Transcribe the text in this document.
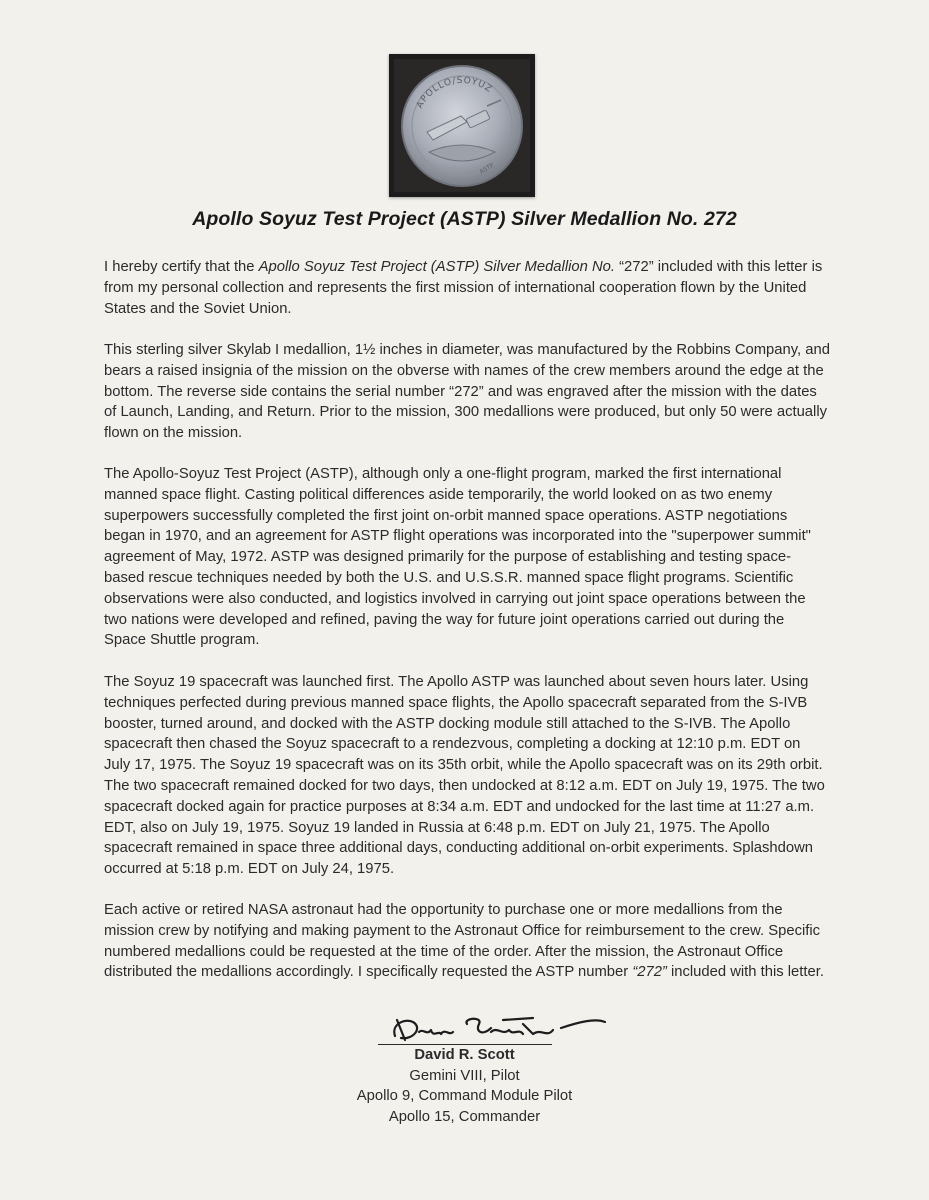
APOLLO/SOYUZ
ASTP
Apollo Soyuz Test Project (ASTP) Silver Medallion No. 272

I hereby certify that the Apollo Soyuz Test Project (ASTP) Silver Medallion No. “272” included with this letter is from my personal collection and represents the first mission of international cooperation flown by the United States and the Soviet Union.

This sterling silver Skylab I medallion, 1½ inches in diameter, was manufactured by the Robbins Company, and bears a raised insignia of the mission on the obverse with names of the crew members around the edge at the bottom. The reverse side contains the serial number “272” and was engraved after the mission with the dates of Launch, Landing, and Return. Prior to the mission, 300 medallions were produced, but only 50 were actually flown on the mission.

The Apollo-Soyuz Test Project (ASTP), although only a one-flight program, marked the first international manned space flight. Casting political differences aside temporarily, the world looked on as two enemy superpowers successfully completed the first joint on-orbit manned space operations. ASTP negotiations began in 1970, and an agreement for ASTP flight operations was incorporated into the "superpower summit" agreement of May, 1972. ASTP was designed primarily for the purpose of establishing and testing space-based rescue techniques needed by both the U.S. and U.S.S.R. manned space flight programs. Scientific observations were also conducted, and logistics involved in carrying out joint space operations between the two nations were developed and refined, paving the way for future joint operations carried out during the Space Shuttle program.

The Soyuz 19 spacecraft was launched first. The Apollo ASTP was launched about seven hours later. Using techniques perfected during previous manned space flights, the Apollo spacecraft separated from the S-IVB booster, turned around, and docked with the ASTP docking module still attached to the S-IVB. The Apollo spacecraft then chased the Soyuz spacecraft to a rendezvous, completing a docking at 12:10 p.m. EDT on July 17, 1975. The Soyuz 19 spacecraft was on its 35th orbit, while the Apollo spacecraft was on its 29th orbit. The two spacecraft remained docked for two days, then undocked at 8:12 a.m. EDT on July 19, 1975. The two spacecraft docked again for practice purposes at 8:34 a.m. EDT and undocked for the last time at 11:27 a.m. EDT, also on July 19, 1975. Soyuz 19 landed in Russia at 6:48 p.m. EDT on July 21, 1975. The Apollo spacecraft remained in space three additional days, conducting additional on-orbit experiments. Splashdown occurred at 5:18 p.m. EDT on July 24, 1975.

Each active or retired NASA astronaut had the opportunity to purchase one or more medallions from the mission crew by notifying and making payment to the Astronaut Office for reimbursement to the crew. Specific numbered medallions could be requested at the time of the order. After the mission, the Astronaut Office distributed the medallions accordingly. I specifically requested the ASTP number “272” included with this letter.

David R. Scott
Gemini VIII, Pilot
Apollo 9, Command Module Pilot
Apollo 15, Commander
